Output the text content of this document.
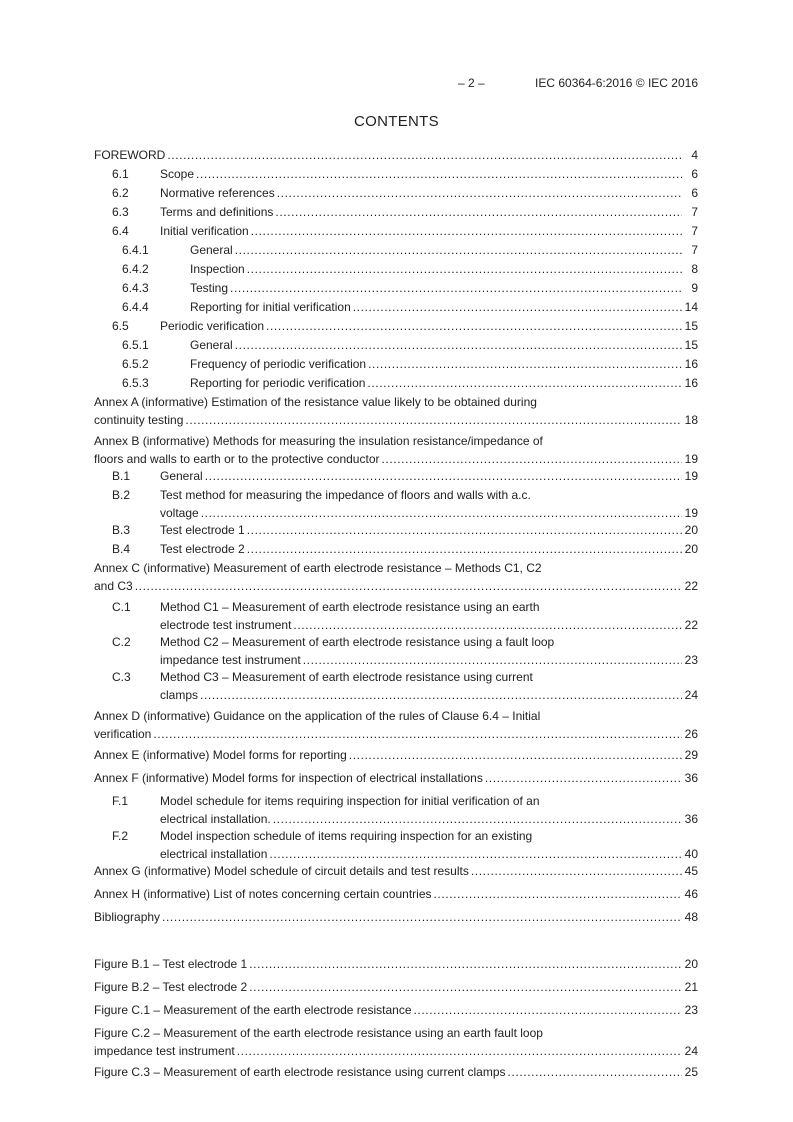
– 2 –	IEC 60364-6:2016 © IEC 2016
CONTENTS
FOREWORD .....	4
6.1	Scope .....	6
6.2	Normative references .....	6
6.3	Terms and definitions .....	7
6.4	Initial verification .....	7
6.4.1	General .....	7
6.4.2	Inspection .....	8
6.4.3	Testing .....	9
6.4.4	Reporting for initial verification .....	14
6.5	Periodic verification .....	15
6.5.1	General .....	15
6.5.2	Frequency of periodic verification .....	16
6.5.3	Reporting for periodic verification .....	16
Annex A (informative) Estimation of the resistance value likely to be obtained during
continuity testing .....	18
Annex B (informative) Methods for measuring the insulation resistance/impedance of
floors and walls to earth or to the protective conductor .....	19
B.1	General .....	19
B.2	Test method for measuring the impedance of floors and walls with a.c.
voltage .....	19
B.3	Test electrode 1 .....	20
B.4	Test electrode 2 .....	20
Annex C (informative) Measurement of earth electrode resistance – Methods C1, C2
and C3 .....	22
C.1	Method C1 – Measurement of earth electrode resistance using an earth
electrode test instrument .....	22
C.2	Method C2 – Measurement of earth electrode resistance using a fault loop
impedance test instrument .....	23
C.3	Method C3 – Measurement of earth electrode resistance using current
clamps .....	24
Annex D (informative) Guidance on the application of the rules of Clause 6.4 – Initial
verification .....	26
Annex E (informative) Model forms for reporting .....	29
Annex F (informative) Model forms for inspection of electrical installations .....	36
F.1	Model schedule for items requiring inspection for initial verification of an
electrical installation. .....	36
F.2	Model inspection schedule of items requiring inspection for an existing
electrical installation .....	40
Annex G (informative) Model schedule of circuit details and test results .....	45
Annex H (informative) List of notes concerning certain countries .....	46
Bibliography .....	48
Figure B.1 – Test electrode 1 .....	20
Figure B.2 – Test electrode 2 .....	21
Figure C.1 – Measurement of the earth electrode resistance .....	23
Figure C.2 – Measurement of the earth electrode resistance using an earth fault loop
impedance test instrument .....	24
Figure C.3 – Measurement of earth electrode resistance using current clamps .....	25
